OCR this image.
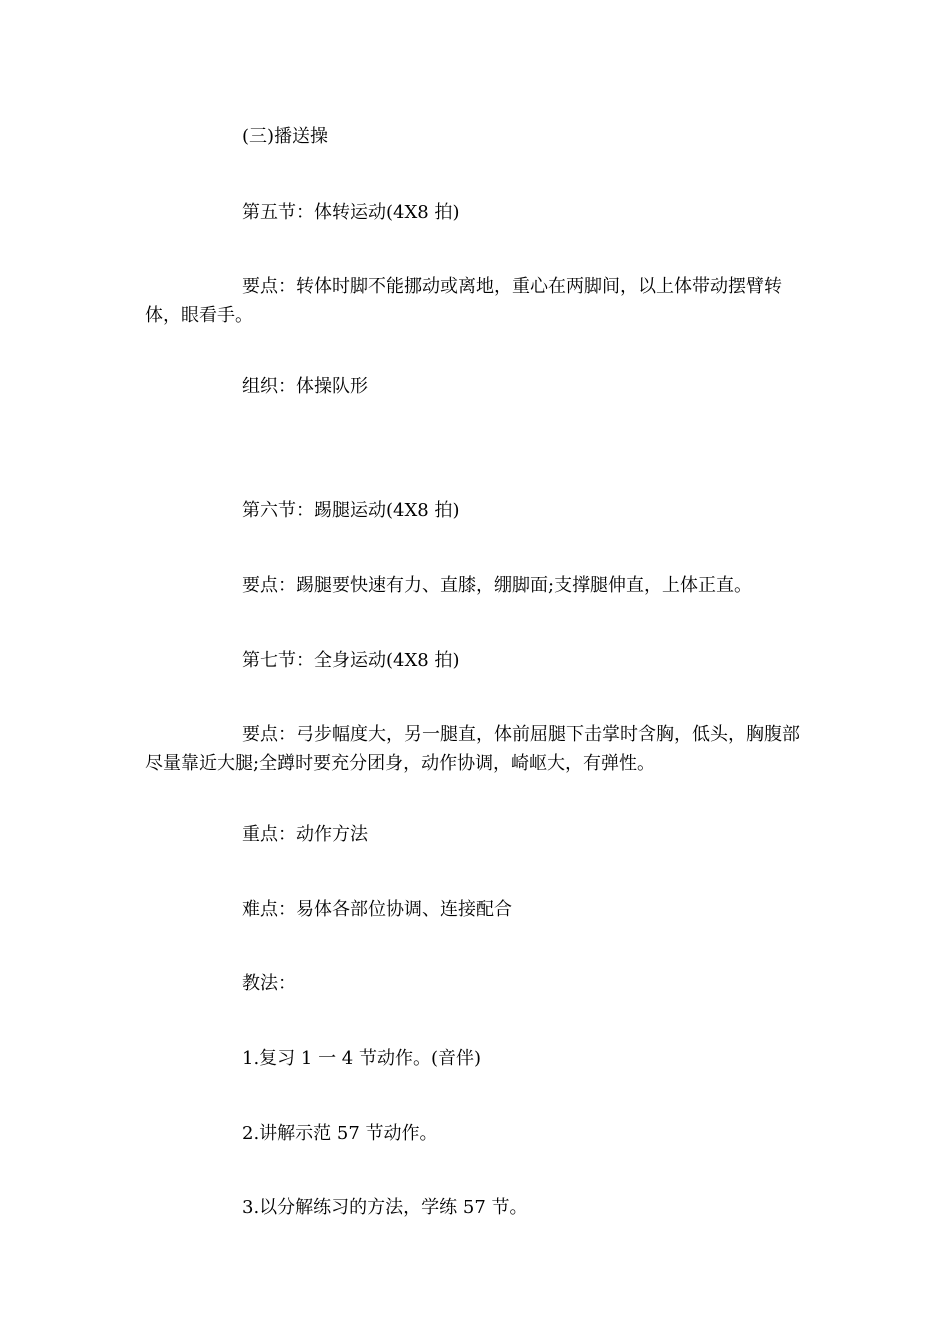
(三)播送操

第五节：体转运动(4X8 拍)

要点：转体时脚不能挪动或离地，重心在两脚间，以上体带动摆臂转体，眼看手。

组织：体操队形

第六节：踢腿运动(4X8 拍)

要点：踢腿要快速有力、直膝，绷脚面;支撑腿伸直，上体正直。

第七节：全身运动(4X8 拍)

要点：弓步幅度大，另一腿直，体前屈腿下击掌时含胸，低头，胸腹部尽量靠近大腿;全蹲时要充分团身，动作协调，崎岖大，有弹性。

重点：动作方法

难点：易体各部位协调、连接配合

教法：

1.复习 1 一 4 节动作。(音伴)

2.讲解示范 57 节动作。

3.以分解练习的方法，学练 57 节。
